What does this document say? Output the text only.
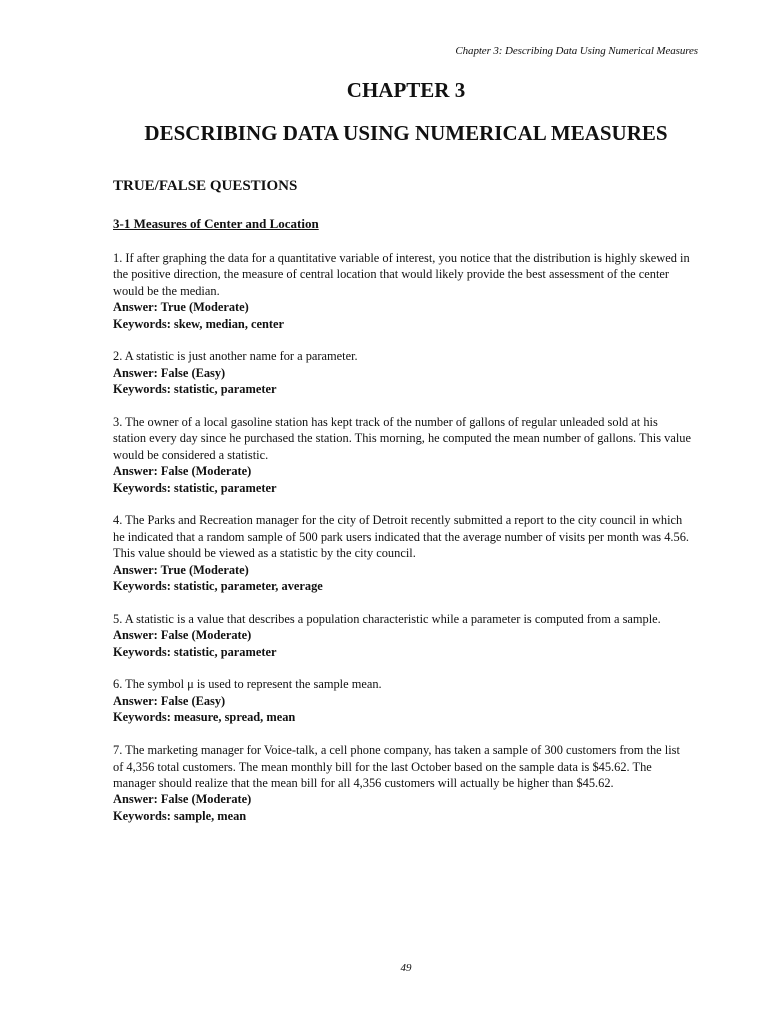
Chapter 3: Describing Data Using Numerical Measures
CHAPTER 3
DESCRIBING DATA USING NUMERICAL MEASURES
TRUE/FALSE QUESTIONS
3-1 Measures of Center and Location

1. If after graphing the data for a quantitative variable of interest, you notice that the distribution is highly skewed in the positive direction, the measure of central location that would likely provide the best assessment of the center would be the median.

Answer: True (Moderate)

Keywords: skew, median, center

2. A statistic is just another name for a parameter.

Answer: False (Easy)

Keywords: statistic, parameter

3. The owner of a local gasoline station has kept track of the number of gallons of regular unleaded sold at his station every day since he purchased the station. This morning, he computed the mean number of gallons. This value would be considered a statistic.

Answer: False (Moderate)

Keywords: statistic, parameter

4. The Parks and Recreation manager for the city of Detroit recently submitted a report to the city council in which he indicated that a random sample of 500 park users indicated that the average number of visits per month was 4.56. This value should be viewed as a statistic by the city council.

Answer: True (Moderate)

Keywords: statistic, parameter, average

5. A statistic is a value that describes a population characteristic while a parameter is computed from a sample.

Answer: False (Moderate)

Keywords: statistic, parameter

6. The symbol μ is used to represent the sample mean.

Answer: False (Easy)

Keywords: measure, spread, mean

7. The marketing manager for Voice-talk, a cell phone company, has taken a sample of 300 customers from the list of 4,356 total customers. The mean monthly bill for the last October based on the sample data is $45.62. The manager should realize that the mean bill for all 4,356 customers will actually be higher than $45.62.

Answer: False (Moderate)

Keywords: sample, mean

49
